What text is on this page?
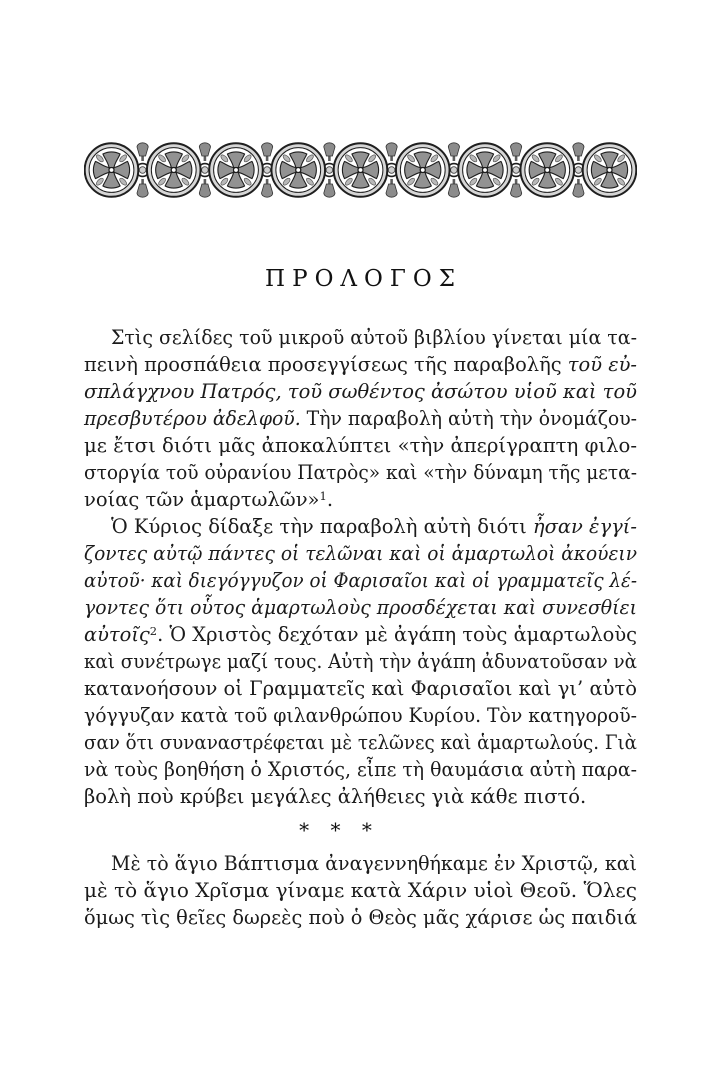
ΠΡΟΛΟΓΟΣ
Στὶς σελίδες τοῦ μικροῦ αὐτοῦ βιβλίου γίνεται μία τα-
πεινὴ προσπάθεια προσεγγίσεως τῆς παραβολῆς τοῦ εὐ-
σπλάγχνου Πατρός, τοῦ σωθέντος ἀσώτου υἱοῦ καὶ τοῦ
πρεσβυτέρου ἀδελφοῦ. Τὴν παραβολὴ αὐτὴ τὴν ὀνομάζου-
με ἔτσι διότι μᾶς ἀποκαλύπτει «τὴν ἀπερίγραπτη φιλο-
στοργία τοῦ οὐρανίου Πατρὸς» καὶ «τὴν δύναμη τῆς μετα-
νοίας τῶν ἁμαρτωλῶν»$^1$.
Ὁ Κύριος δίδαξε τὴν παραβολὴ αὐτὴ διότι ἦσαν ἐγγί-
ζοντες αὐτῷ πάντες οἱ τελῶναι καὶ οἱ ἁμαρτωλοὶ ἀκούειν
αὐτοῦ· καὶ διεγόγγυζον οἱ Φαρισαῖοι καὶ οἱ γραμματεῖς λέ-
γοντες ὅτι οὗτος ἁμαρτωλοὺς προσδέχεται καὶ συνεσθίει
αὐτοῖς$^2$. Ὁ Χριστὸς δεχόταν μὲ ἀγάπη τοὺς ἁμαρτωλοὺς
καὶ συνέτρωγε μαζί τους. Αὐτὴ τὴν ἀγάπη ἀδυνατοῦσαν νὰ
κατανοήσουν οἱ Γραμματεῖς καὶ Φαρισαῖοι καὶ γι’ αὐτὸ
γόγγυζαν κατὰ τοῦ φιλανθρώπου Κυρίου. Τὸν κατηγοροῦ-
σαν ὅτι συναναστρέφεται μὲ τελῶνες καὶ ἁμαρτωλούς. Γιὰ
νὰ τοὺς βοηθήση ὁ Χριστός, εἶπε τὴ θαυμάσια αὐτὴ παρα-
βολὴ ποὺ κρύβει μεγάλες ἀλήθειες γιὰ κάθε πιστό.
* * *
Μὲ τὸ ἅγιο Βάπτισμα ἀναγεννηθήκαμε ἐν Χριστῷ, καὶ
μὲ τὸ ἅγιο Χρῖσμα γίναμε κατὰ Χάριν υἱοὶ Θεοῦ. Ὅλες
ὅμως τὶς θεῖες δωρεὲς ποὺ ὁ Θεὸς μᾶς χάρισε ὡς παιδιά
